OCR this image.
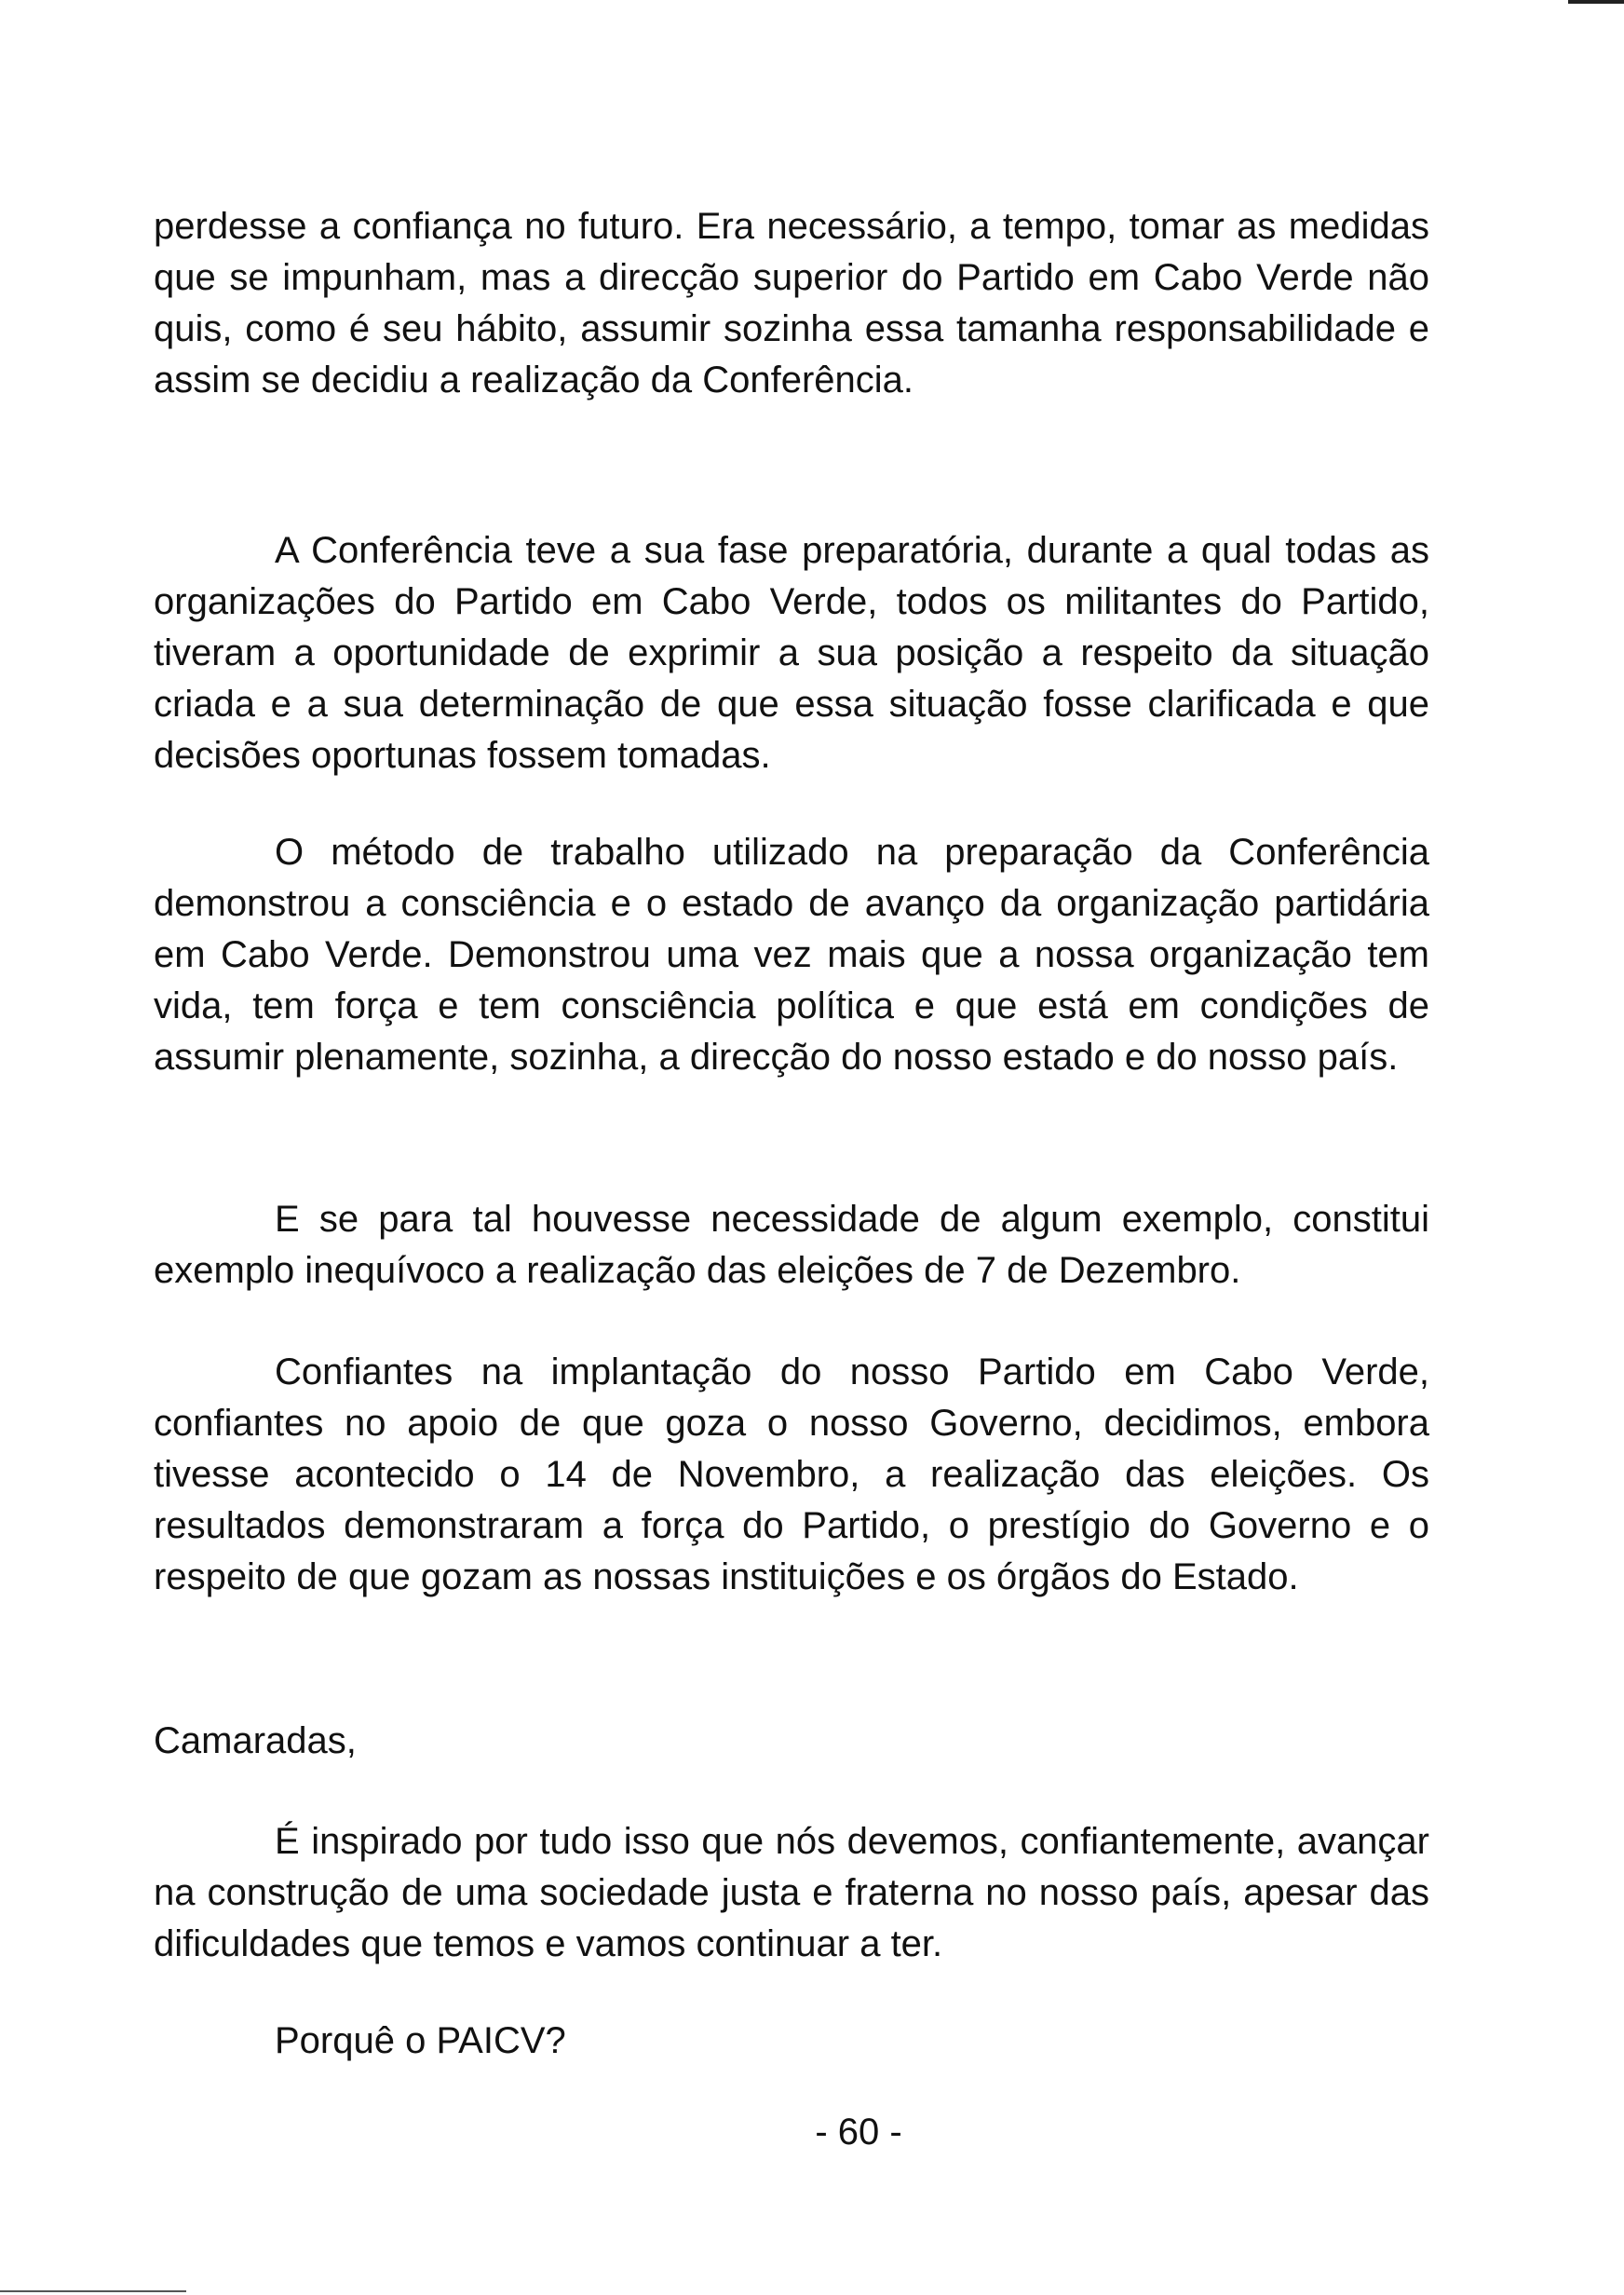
perdesse a confiança no futuro. Era necessário, a tempo, tomar as medidas que se impunham, mas a direcção superior do Partido em Cabo Verde não quis, como é seu hábito, assumir sozinha essa tamanha responsabilidade e assim se decidiu a realização da Conferência.

A Conferência teve a sua fase preparatória, durante a qual todas as organizações do Partido em Cabo Verde, todos os militantes do Partido, tiveram a oportunidade de exprimir a sua posição a respeito da situação criada e a sua determinação de que essa situação fosse clarificada e que decisões oportunas fossem tomadas.

O método de trabalho utilizado na preparação da Conferência demonstrou a consciência e o estado de avanço da organização partidária em Cabo Verde. Demonstrou uma vez mais que a nossa organização tem vida, tem força e tem consciência política e que está em condições de assumir plenamente, sozinha, a direcção do nosso estado e do nosso país.

E se para tal houvesse necessidade de algum exemplo, constitui exemplo inequívoco a realização das eleições de 7 de Dezembro.

Confiantes na implantação do nosso Partido em Cabo Verde, confiantes no apoio de que goza o nosso Governo, decidimos, embora tivesse acontecido o 14 de Novembro, a realização das eleições. Os resultados demonstraram a força do Partido, o prestígio do Governo e o respeito de que gozam as nossas instituições e os órgãos do Estado.

Camaradas,

É inspirado por tudo isso que nós devemos, confiantemente, avançar na construção de uma sociedade justa e fraterna no nosso país, apesar das dificuldades que temos e vamos continuar a ter.

Porquê o PAICV?

- 60 -
